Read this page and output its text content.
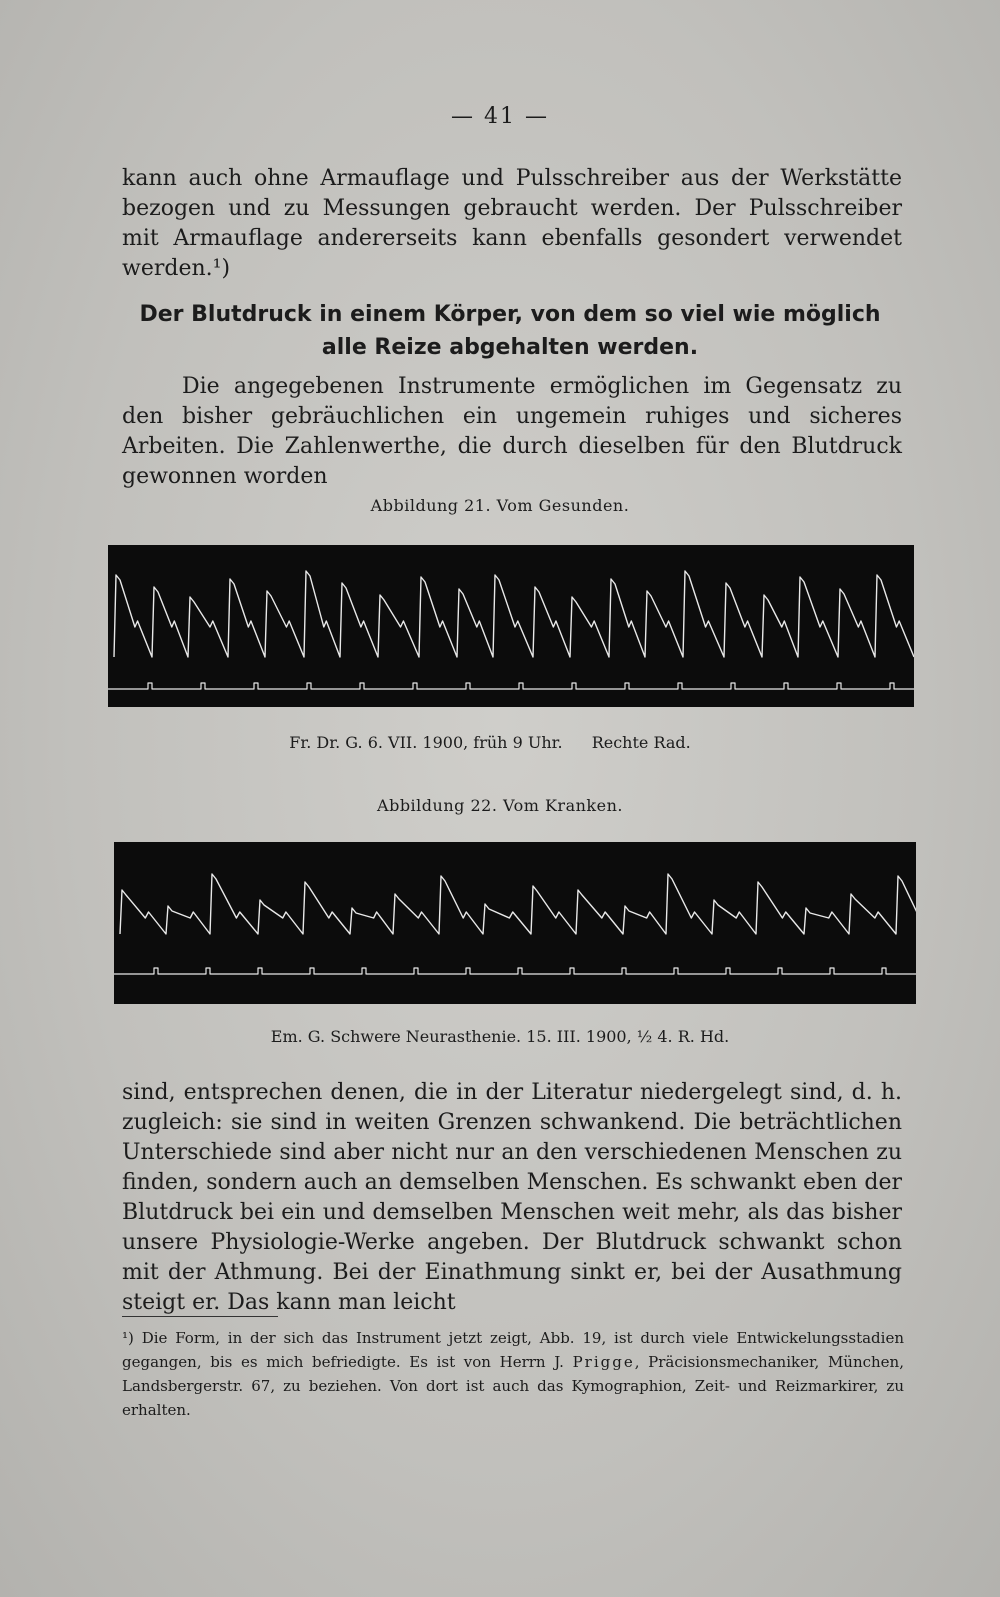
— 41 —

kann auch ohne Armauflage und Pulsschreiber aus der Werkstätte bezogen und zu Messungen gebraucht werden. Der Pulsschreiber mit Armauflage andererseits kann ebenfalls gesondert verwendet werden.¹)

Der Blutdruck in einem Körper, von dem so viel wie möglich
alle Reize abgehalten werden.

Die angegebenen Instrumente ermöglichen im Gegensatz zu den bisher gebräuchlichen ein ungemein ruhiges und sicheres Arbeiten. Die Zahlenwerthe, die durch dieselben für den Blutdruck gewonnen worden

Abbildung 21. Vom Gesunden.
Fr. Dr. G. 6. VII. 1900, früh 9 Uhr. Rechte Rad.
Abbildung 22. Vom Kranken.
Em. G. Schwere Neurasthenie. 15. III. 1900, ½ 4. R. Hd.

sind, entsprechen denen, die in der Literatur niedergelegt sind, d. h. zugleich: sie sind in weiten Grenzen schwankend. Die beträchtlichen Unterschiede sind aber nicht nur an den verschiedenen Menschen zu finden, sondern auch an demselben Menschen. Es schwankt eben der Blutdruck bei ein und demselben Menschen weit mehr, als das bisher unsere Physiologie-Werke angeben. Der Blutdruck schwankt schon mit der Athmung. Bei der Einathmung sinkt er, bei der Ausathmung steigt er. Das kann man leicht

¹) Die Form, in der sich das Instrument jetzt zeigt, Abb. 19, ist durch viele Entwickelungsstadien gegangen, bis es mich befriedigte. Es ist von Herrn J. Prigge, Präcisionsmechaniker, München, Landsbergerstr. 67, zu beziehen. Von dort ist auch das Kymographion, Zeit- und Reizmarkirer, zu erhalten.
